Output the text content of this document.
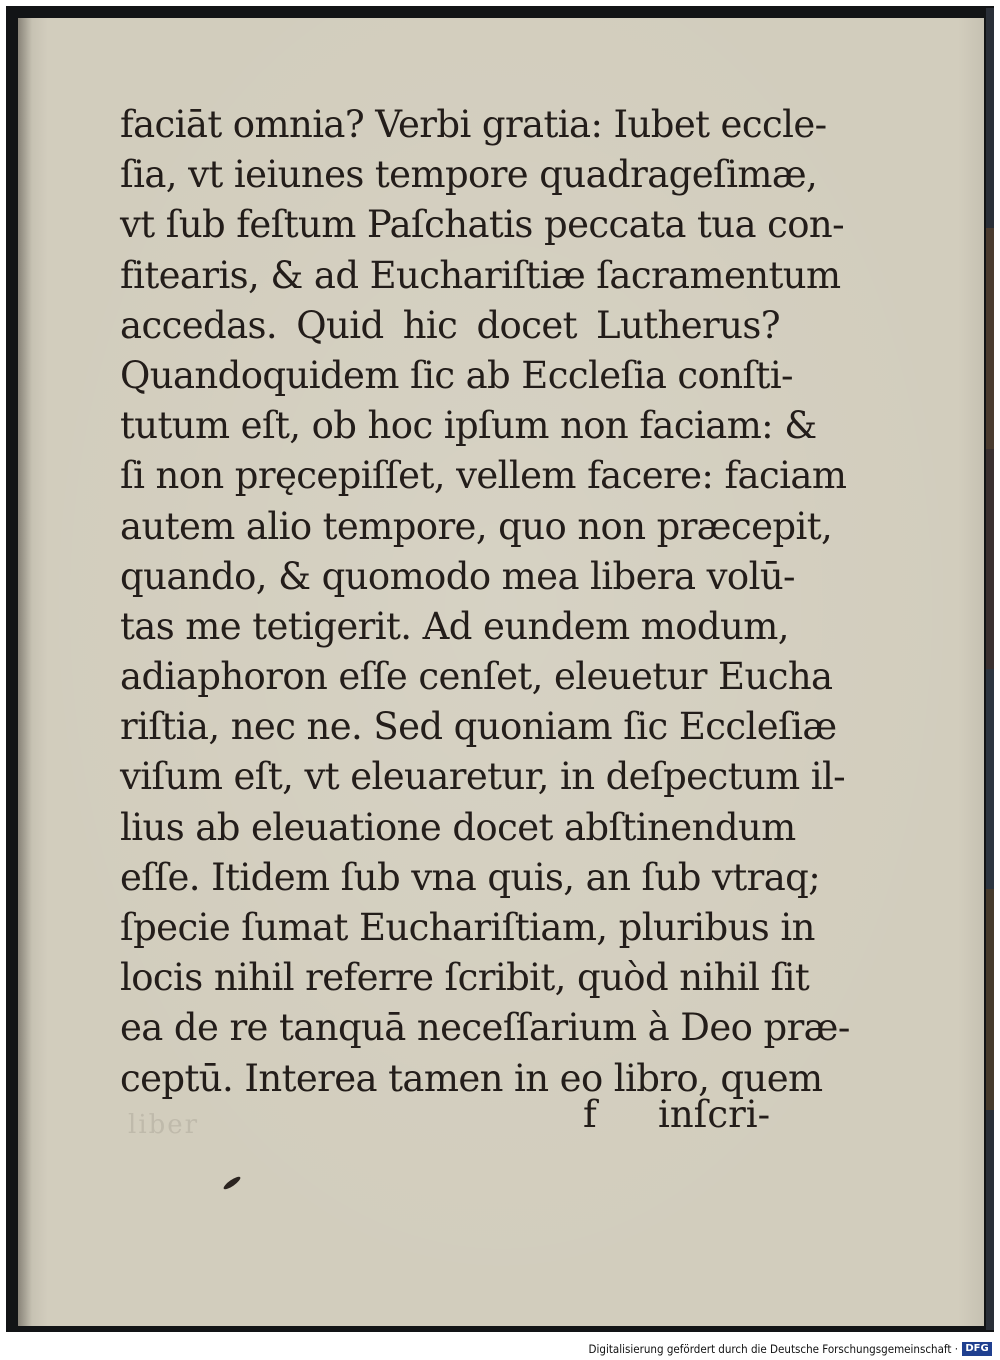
faciāt omnia? Verbi gratia: Iubet eccle-
ſia, vt ieiunes tempore quadrageſimæ,
vt ſub feſtum Paſchatis peccata tua con-
fitearis, & ad Euchariſtiæ ſacramentum
accedas. Quid hic docet Lutherus?
Quandoquidem ſic ab Eccleſia conſti-
tutum eſt, ob hoc ipſum non faciam: &
ſi non pręcepiſſet, vellem facere: faciam
autem alio tempore, quo non præcepit,
quando, & quomodo mea libera volū-
tas me tetigerit. Ad eundem modum,
adiaphoron eſſe cenſet, eleuetur Eucha
riſtia, nec ne. Sed quoniam ſic Eccleſiæ
viſum eſt, vt eleuaretur, in deſpectum il-
lius ab eleuatione docet abſtinendum
eſſe. Itidem ſub vna quis, an ſub vtraq;
ſpecie ſumat Euchariſtiam, pluribus in
locis nihil referre ſcribit, quòd nihil ſit
ea de re tanquā neceſſarium à Deo præ-
ceptū. Interea tamen in eo libro, quem
f inſcri-
liber
Digitalisierung gefördert durch die Deutsche Forschungsgemeinschaft · DFG
